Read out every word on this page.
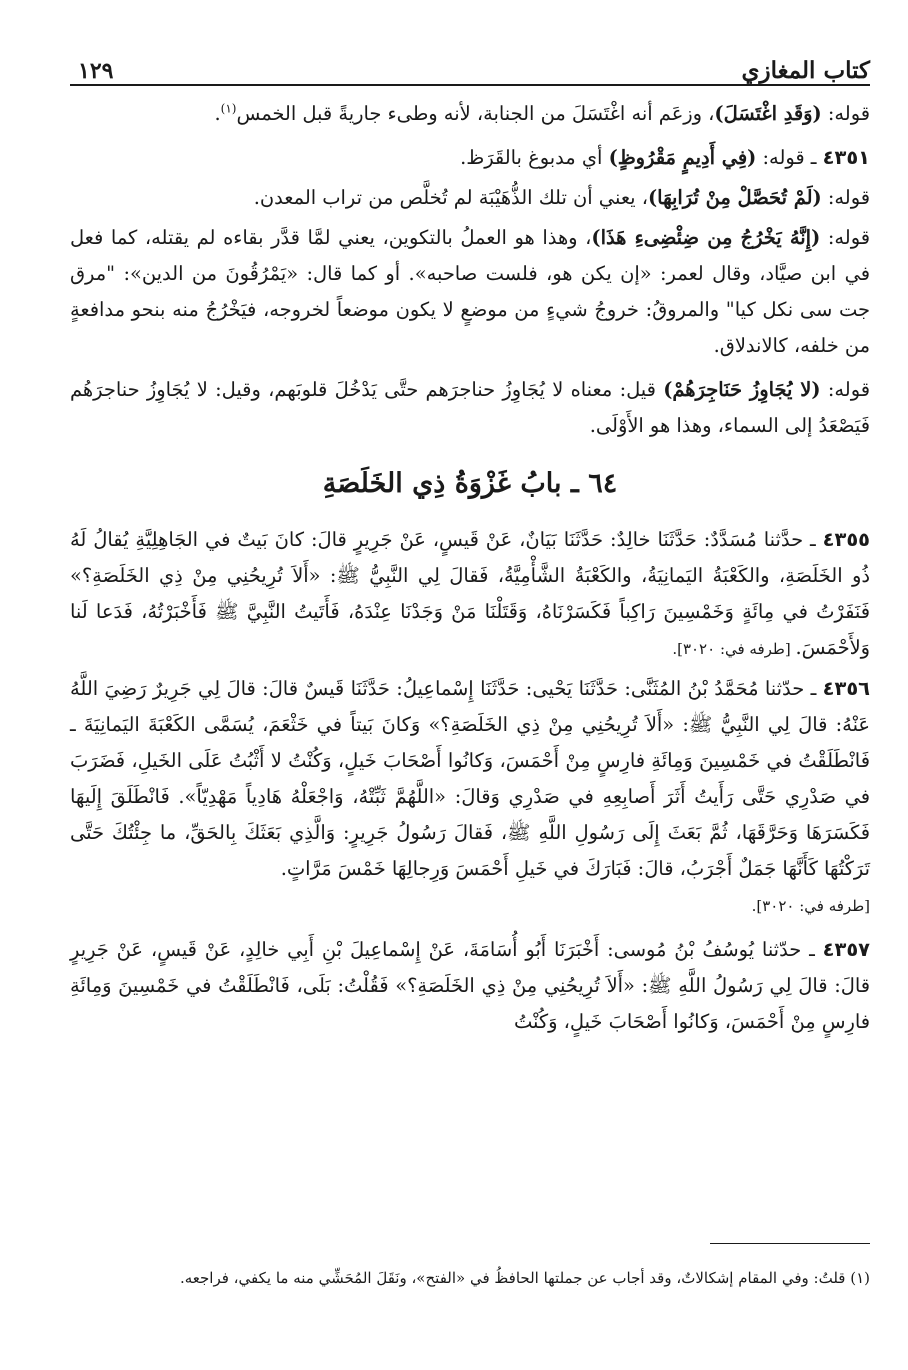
كتاب المغازي
١٢٩

قوله: (وَقَدِ اغْتَسَلَ)، وزعَم أنه اغْتَسَلَ من الجنابة، لأنه وطىء جاريةً قبل الخمس$^{(١)}$.

٤٣٥١ ـ قوله: (فِي أَدِيمٍ مَقْرُوظٍ) أي مدبوغ بالقَرَظ.

قوله: (لَمْ تُحَصَّلْ مِنْ تُرَابِهَا)، يعني أن تلك الذُّهَيْبَة لم تُخلَّص من تراب المعدن.

قوله: (إِنَّهُ يَخْرُجُ مِن ضِئْضِىءِ هَذَا)، وهذا هو العملُ بالتكوين، يعني لمَّا قدَّر بقاءه لم يقتله، كما فعل في ابن صيَّاد، وقال لعمر: «إن يكن هو، فلست صاحبه». أو كما قال: «يَمْرُقُونَ من الدين»: "مرق جت سى نكل كيا" والمروقُ: خروجُ شيءٍ من موضعٍ لا يكون موضعاً لخروجه، فيَخْرُجُ منه بنحو مدافعةٍ من خلفه، كالاندلاق.

قوله: (لا يُجَاوِزُ حَنَاجِرَهُمْ) قيل: معناه لا يُجَاوِزُ حناجرَهم حتَّى يَدْخُلَ قلوبَهم، وقيل: لا يُجَاوِزُ حناجرَهُم فَيَصْعَدُ إلى السماء، وهذا هو الأَوْلَى.

٦٤ ـ بابُ غَزْوَةُ ذِي الخَلَصَةِ

٤٣٥٥ ـ حدَّثنا مُسَدَّدٌ: حَدَّثَنَا خالِدٌ: حَدَّثَنَا بَيَانٌ، عَنْ قَيسٍ، عَنْ جَرِيرٍ قالَ: كانَ بَيتٌ في الجَاهِلِيَّةِ يُقالُ لَهُ ذُو الخَلَصَةِ، والكَعْبَةُ اليَمانِيَةُ، والكَعْبَةُ الشَّأْمِيَّةُ، فَقالَ لِي النَّبِيُّ ﷺ: «أَلاَ تُرِيحُنِي مِنْ ذِي الخَلَصَةِ؟» فَنَفَرْتُ في مِائَةٍ وَخَمْسِينَ رَاكِباً فَكَسَرْنَاهُ، وَقَتَلْنَا مَنْ وَجَدْنَا عِنْدَهُ، فَأَتَيتُ النَّبِيَّ ﷺ فَأَخْبَرْتُهُ، فَدَعا لَنا وَلأَحْمَسَ. [طرفه في: ٣٠٢٠].

٤٣٥٦ ـ حدّثنا مُحَمَّدُ بْنُ المُثَنَّى: حَدَّثَنَا يَحْيى: حَدَّثَنَا إِسْماعِيلُ: حَدَّثَنَا قَيسٌ قالَ: قالَ لِي جَرِيرٌ رَضِيَ اللَّهُ عَنْهُ: قالَ لِي النَّبِيُّ ﷺ: «أَلاَ تُرِيحُنِي مِنْ ذِي الخَلَصَةِ؟» وَكانَ بَيتاً في خَثْعَمَ، يُسَمَّى الكَعْبَةَ اليَمانِيَةَ ـ فَانْطَلَقْتُ في خَمْسِينَ وَمِائَةِ فارِسٍ مِنْ أَحْمَسَ، وَكانُوا أَصْحَابَ خَيلٍ، وَكُنْتُ لا أَثْبُتُ عَلَى الخَيلِ، فَضَرَبَ في صَدْرِي حَتَّى رَأَيتُ أَثَرَ أَصابِعِهِ في صَدْرِي وَقالَ: «اللَّهُمَّ ثَبِّتْهُ، وَاجْعَلْهُ هَادِياً مَهْدِيّاً». فَانْطَلَقَ إِلَيهَا فَكَسَرَهَا وَحَرَّقَهَا، ثُمَّ بَعَثَ إِلَى رَسُولِ اللَّهِ ﷺ، فَقالَ رَسُولُ جَرِيرٍ: وَالَّذِي بَعَثَكَ بِالحَقِّ، ما جِئْتُكَ حَتَّى تَرَكْتُهَا كَأَنَّهَا جَمَلٌ أَجْرَبُ، قالَ: فَبَارَكَ في خَيلِ أَحْمَسَ وَرِجالِهَا خَمْسَ مَرَّاتٍ.
[طرفه في: ٣٠٢٠].

٤٣٥٧ ـ حدّثنا يُوسُفُ بْنُ مُوسى: أَخْبَرَنَا أَبُو أُسَامَةَ، عَنْ إِسْماعِيلَ بْنِ أَبِي خالِدٍ، عَنْ قَيسٍ، عَنْ جَرِيرٍ قالَ: قالَ لِي رَسُولُ اللَّهِ ﷺ: «أَلاَ تُرِيحُنِي مِنْ ذِي الخَلَصَةِ؟» فَقُلْتُ: بَلَى، فَانْطَلَقْتُ في خَمْسِينَ وَمِائَةِ فارِسٍ مِنْ أَحْمَسَ، وَكانُوا أَصْحَابَ خَيلٍ، وَكُنْتُ

(١) قلتُ: وفي المقام إشكالاتٌ، وقد أجاب عن جملتها الحافظُ في «الفتح»، ونَقَلَ المُحَشِّي منه ما يكفي، فراجعه.
